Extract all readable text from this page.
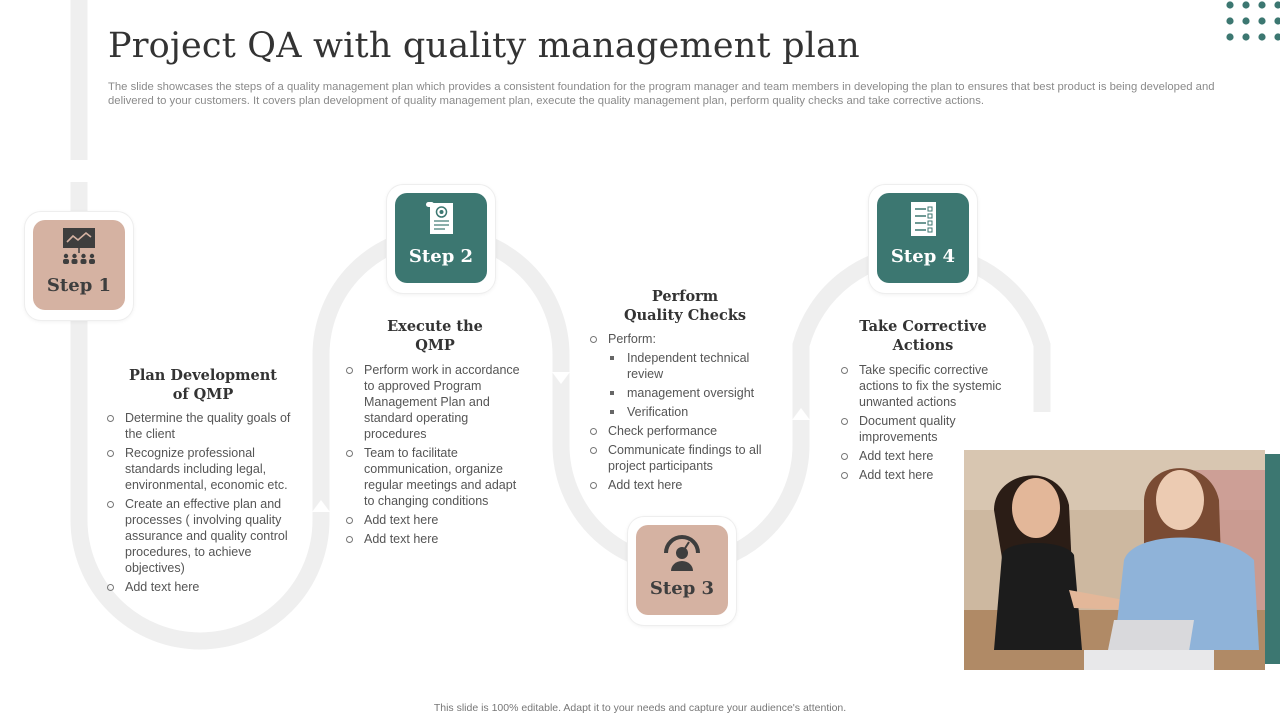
Project QA with quality management plan

The slide showcases the steps of a quality management plan which provides a consistent foundation for the program manager and team members in developing the plan to ensures that best product is being developed and delivered to your customers. It covers plan development of quality management plan, execute the quality management plan, perform quality checks and take corrective actions.

Step 1
Step 2
Step 3
Step 4
Plan Development of QMP
Determine the quality goals of the client
Recognize professional standards including legal, environmental, economic etc.
Create an effective plan and processes ( involving quality assurance and quality control procedures, to achieve objectives)
Add text here
Execute the QMP
Perform work in accordance to approved Program Management Plan and standard operating procedures
Team to facilitate communication, organize regular meetings and adapt to changing conditions
Add text here
Add text here
Perform Quality Checks
Perform:
Independent technical review
management oversight
Verification
Check performance
Communicate findings to all project participants
Add text here
Take Corrective Actions
Take specific corrective actions to fix the systemic unwanted actions
Document quality improvements
Add text here
Add text here
This slide is 100% editable. Adapt it to your needs and capture your audience's attention.
